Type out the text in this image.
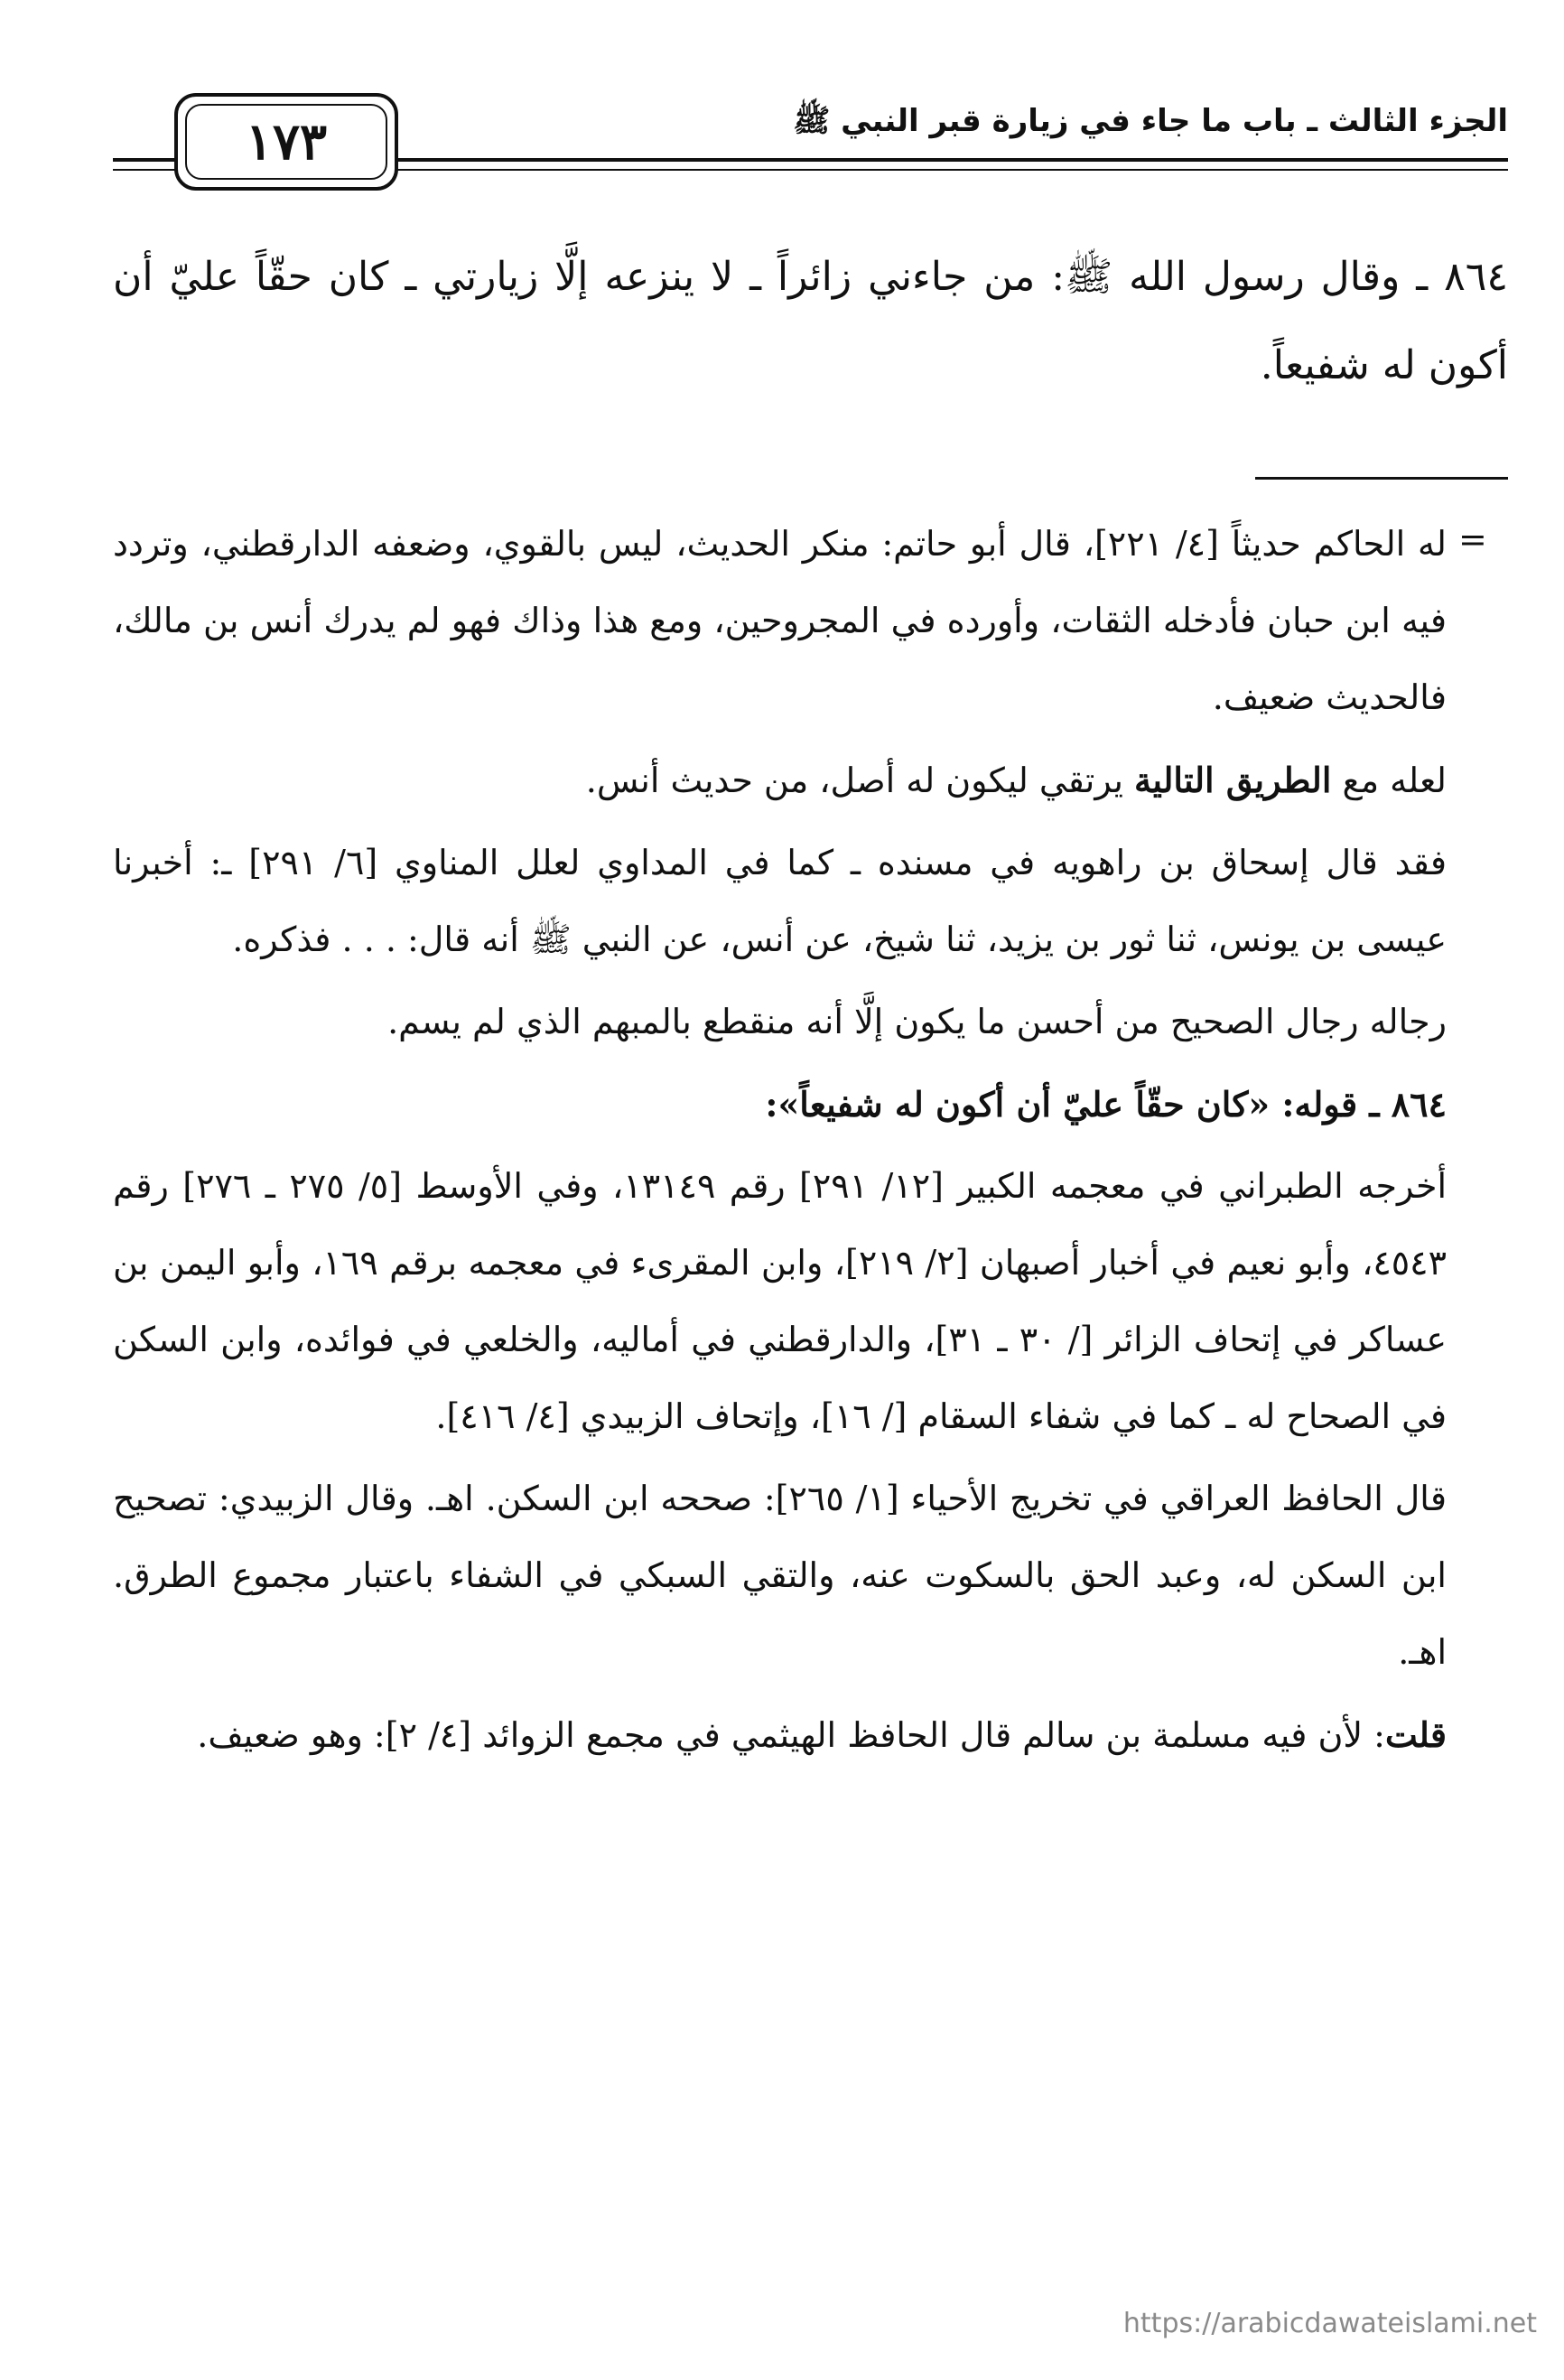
الجزء الثالث ـ باب ما جاء في زيارة قبر النبي ﷺ
١٧٣

٨٦٤ ـ وقال رسول الله ﷺ: من جاءني زائراً ـ لا ينزعه إلَّا زيارتي ـ كان حقّاً عليّ أن أكون له شفيعاً.

=

له الحاكم حديثاً [٤/ ٢٢١]، قال أبو حاتم: منكر الحديث، ليس بالقوي، وضعفه الدارقطني، وتردد فيه ابن حبان فأدخله الثقات، وأورده في المجروحين، ومع هذا وذاك فهو لم يدرك أنس بن مالك، فالحديث ضعيف.

لعله مع الطريق التالية يرتقي ليكون له أصل، من حديث أنس.

فقد قال إسحاق بن راهويه في مسنده ـ كما في المداوي لعلل المناوي [٦/ ٢٩١] ـ: أخبرنا عيسى بن يونس، ثنا ثور بن يزيد، ثنا شيخ، عن أنس، عن النبي ﷺ أنه قال: . . . فذكره.

رجاله رجال الصحيح من أحسن ما يكون إلَّا أنه منقطع بالمبهم الذي لم يسم.

٨٦٤ ـ قوله: «كان حقّاً عليّ أن أكون له شفيعاً»:

أخرجه الطبراني في معجمه الكبير [١٢/ ٢٩١] رقم ١٣١٤٩، وفي الأوسط [٥/ ٢٧٥ ـ ٢٧٦] رقم ٤٥٤٣، وأبو نعيم في أخبار أصبهان [٢/ ٢١٩]، وابن المقرىء في معجمه برقم ١٦٩، وأبو اليمن بن عساكر في إتحاف الزائر [/ ٣٠ ـ ٣١]، والدارقطني في أماليه، والخلعي في فوائده، وابن السكن في الصحاح له ـ كما في شفاء السقام [/ ١٦]، وإتحاف الزبيدي [٤/ ٤١٦].

قال الحافظ العراقي في تخريج الأحياء [١/ ٢٦٥]: صححه ابن السكن. اهـ. وقال الزبيدي: تصحيح ابن السكن له، وعبد الحق بالسكوت عنه، والتقي السبكي في الشفاء باعتبار مجموع الطرق. اهـ.

قلت: لأن فيه مسلمة بن سالم قال الحافظ الهيثمي في مجمع الزوائد [٤/ ٢]: وهو ضعيف.

https://arabicdawateislami.net
